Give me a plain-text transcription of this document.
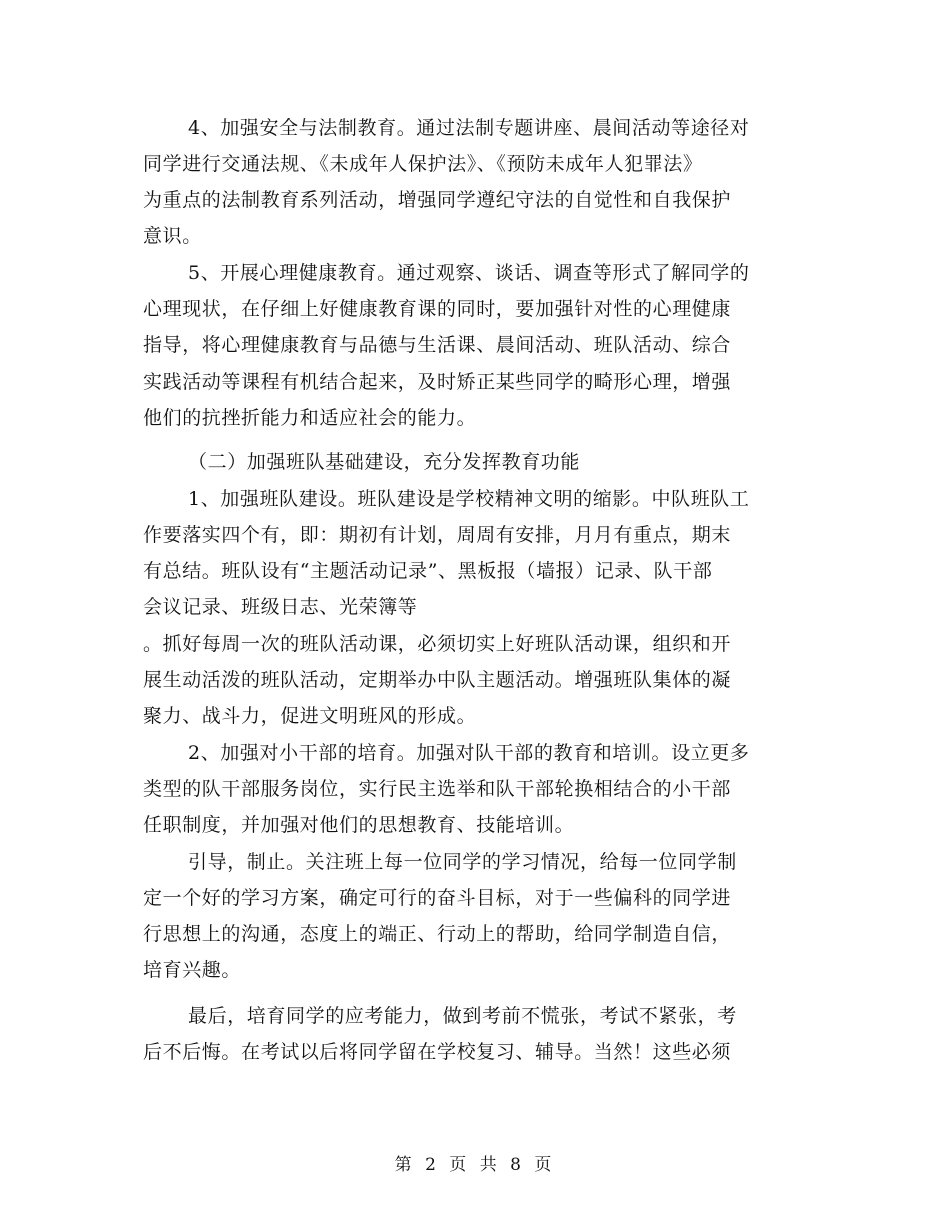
4、加强安全与法制教育。通过法制专题讲座、晨间活动等途径对
同学进行交通法规、《未成年人保护法》、《预防未成年人犯罪法》
为重点的法制教育系列活动，增强同学遵纪守法的自觉性和自我保护
意识。
5、开展心理健康教育。通过观察、谈话、调查等形式了解同学的
心理现状，在仔细上好健康教育课的同时，要加强针对性的心理健康
指导，将心理健康教育与品德与生活课、晨间活动、班队活动、综合
实践活动等课程有机结合起来，及时矫正某些同学的畸形心理，增强
他们的抗挫折能力和适应社会的能力。
（二）加强班队基础建设，充分发挥教育功能
1、加强班队建设。班队建设是学校精神文明的缩影。中队班队工
作要落实四个有，即：期初有计划，周周有安排，月月有重点，期末
有总结。班队设有“主题活动记录”、黑板报（墙报）记录、队干部
会议记录、班级日志、光荣簿等
。抓好每周一次的班队活动课，必须切实上好班队活动课，组织和开
展生动活泼的班队活动，定期举办中队主题活动。增强班队集体的凝
聚力、战斗力，促进文明班风的形成。
2、加强对小干部的培育。加强对队干部的教育和培训。设立更多
类型的队干部服务岗位，实行民主选举和队干部轮换相结合的小干部
任职制度，并加强对他们的思想教育、技能培训。
引导，制止。关注班上每一位同学的学习情况，给每一位同学制
定一个好的学习方案，确定可行的奋斗目标，对于一些偏科的同学进
行思想上的沟通，态度上的端正、行动上的帮助，给同学制造自信，
培育兴趣。
最后，培育同学的应考能力，做到考前不慌张，考试不紧张，考
后不后悔。在考试以后将同学留在学校复习、辅导。当然！这些必须
第 2 页 共 8 页
